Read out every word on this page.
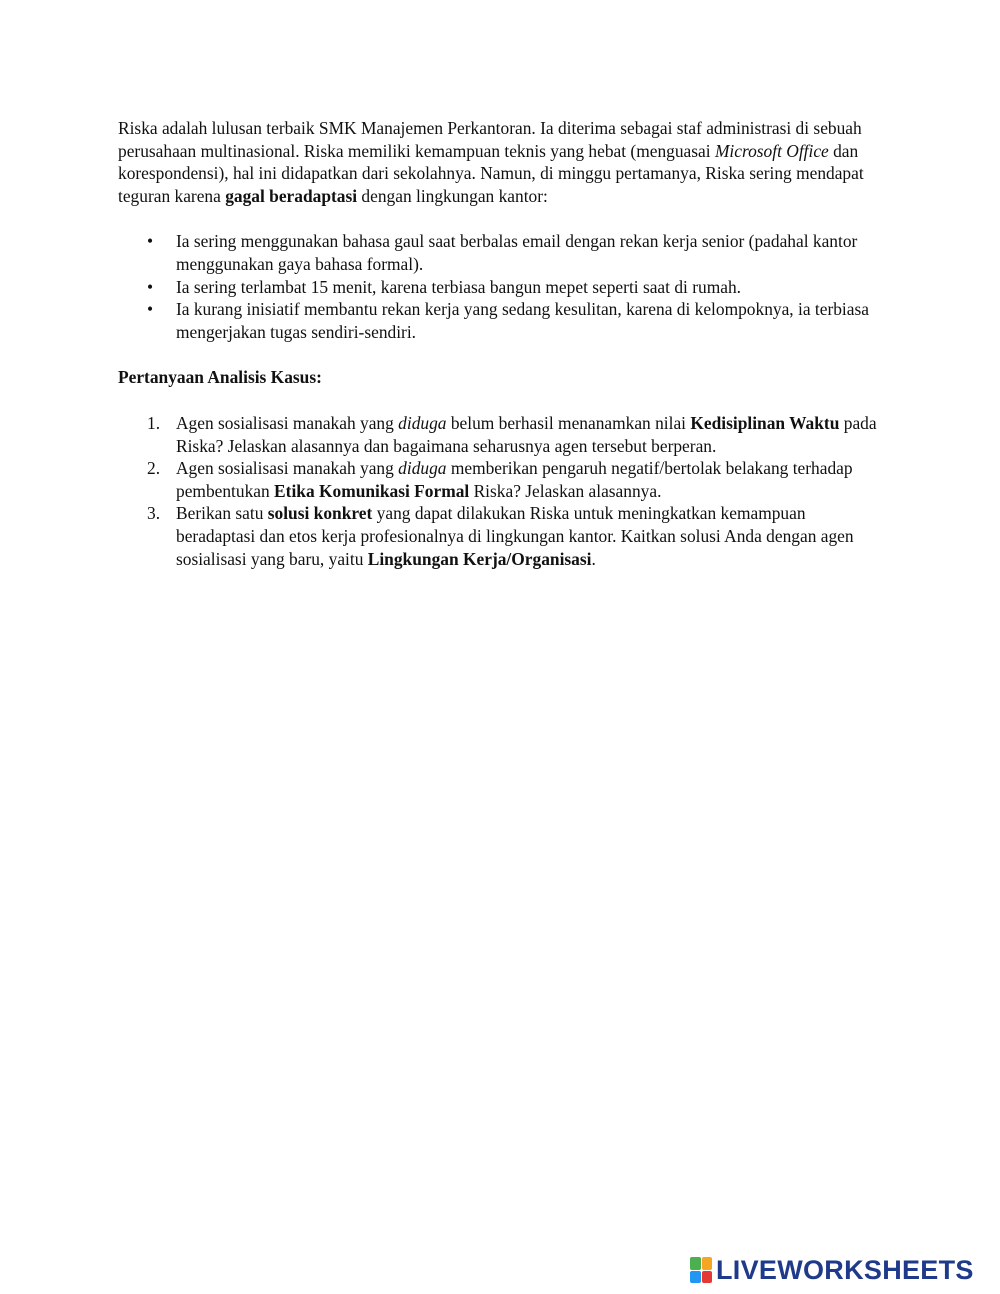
Riska adalah lulusan terbaik SMK Manajemen Perkantoran. Ia diterima sebagai staf administrasi di sebuah perusahaan multinasional. Riska memiliki kemampuan teknis yang hebat (menguasai Microsoft Office dan korespondensi), hal ini didapatkan dari sekolahnya. Namun, di minggu pertamanya, Riska sering mendapat teguran karena gagal beradaptasi dengan lingkungan kantor:

• Ia sering menggunakan bahasa gaul saat berbalas email dengan rekan kerja senior (padahal kantor menggunakan gaya bahasa formal).
• Ia sering terlambat 15 menit, karena terbiasa bangun mepet seperti saat di rumah.
• Ia kurang inisiatif membantu rekan kerja yang sedang kesulitan, karena di kelompoknya, ia terbiasa mengerjakan tugas sendiri-sendiri.

Pertanyaan Analisis Kasus:

1. Agen sosialisasi manakah yang diduga belum berhasil menanamkan nilai Kedisiplinan Waktu pada Riska? Jelaskan alasannya dan bagaimana seharusnya agen tersebut berperan.
2. Agen sosialisasi manakah yang diduga memberikan pengaruh negatif/bertolak belakang terhadap pembentukan Etika Komunikasi Formal Riska? Jelaskan alasannya.
3. Berikan satu solusi konkret yang dapat dilakukan Riska untuk meningkatkan kemampuan beradaptasi dan etos kerja profesionalnya di lingkungan kantor. Kaitkan solusi Anda dengan agen sosialisasi yang baru, yaitu Lingkungan Kerja/Organisasi.
LIVEWORKSHEETS
